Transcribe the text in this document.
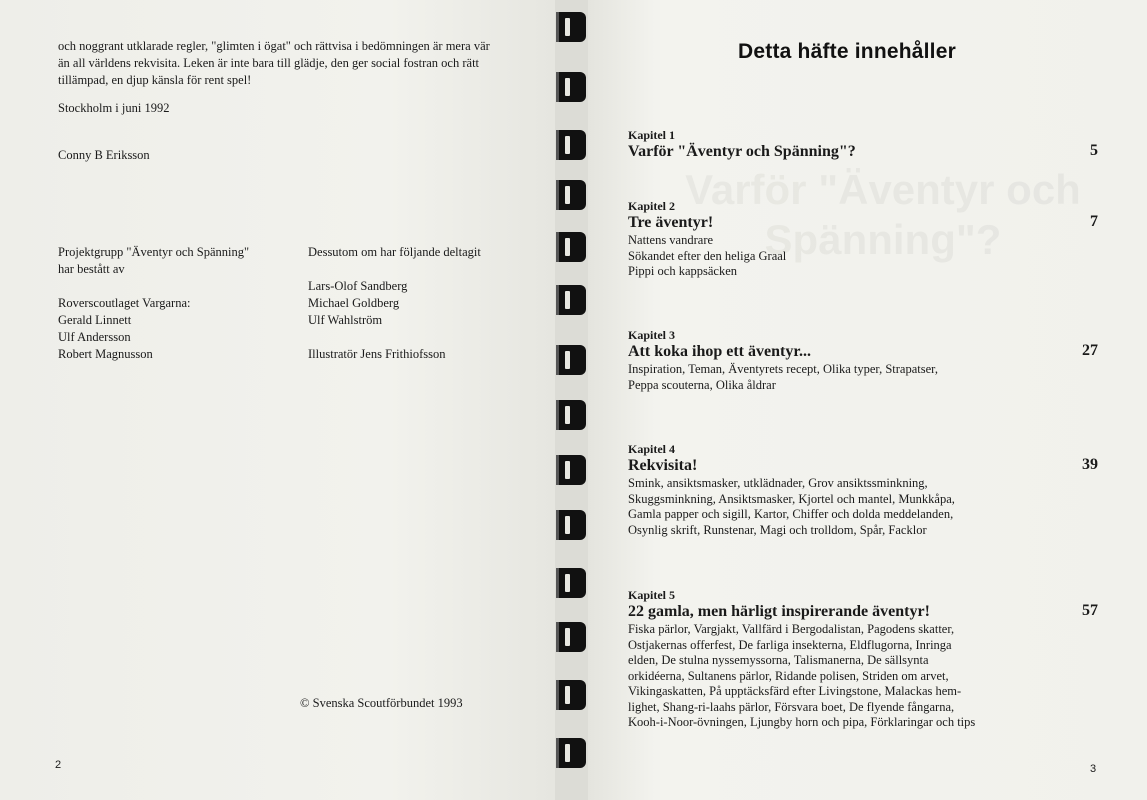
och noggrant utklarade regler, "glimten i ögat" och rättvisa i bedömningen är mera vär
än all världens rekvisita. Leken är inte bara till glädje, den ger social fostran och rätt
tillämpad, en djup känsla för rent spel!
Stockholm i juni 1992
Conny B Eriksson
Projektgrupp "Äventyr och Spänning"
har bestått av
Roverscoutlaget Vargarna:
Gerald Linnett
Ulf Andersson
Robert Magnusson
Dessutom om har följande deltagit
Lars-Olof Sandberg
Michael Goldberg
Ulf Wahlström
Illustratör Jens Frithiofsson
© Svenska Scoutförbundet 1993
2
Detta häfte innehåller
Kapitel 1
Varför "Äventyr och Spänning"?	5
Kapitel 2
Tre äventyr!	7
Nattens vandrare
Sökandet efter den heliga Graal
Pippi och kappsäcken
Kapitel 3
Att koka ihop ett äventyr...	27
Inspiration, Teman, Äventyrets recept, Olika typer, Strapatser,
Peppa scouterna, Olika åldrar
Kapitel 4
Rekvisita!	39
Smink, ansiktsmasker, utklädnader, Grov ansiktssminkning,
Skuggsminkning, Ansiktsmasker, Kjortel och mantel, Munkkåpa,
Gamla papper och sigill, Kartor, Chiffer och dolda meddelanden,
Osynlig skrift, Runstenar, Magi och trolldom, Spår, Facklor
Kapitel 5
22 gamla, men härligt inspirerande äventyr!	57
Fiska pärlor, Vargjakt, Vallfärd i Bergodalistan, Pagodens skatter,
Ostjakernas offerfest, De farliga insekterna, Eldflugorna, Inringa
elden, De stulna nyssemyssorna, Talismanerna, De sällsynta
orkidéerna, Sultanens pärlor, Ridande polisen, Striden om arvet,
Vikingaskatten, På upptäcksfärd efter Livingstone, Malackas hem-
lighet, Shang-ri-laahs pärlor, Försvara boet, De flyende fångarna,
Kooh-i-Noor-övningen, Ljungby horn och pipa, Förklaringar och tips
3
